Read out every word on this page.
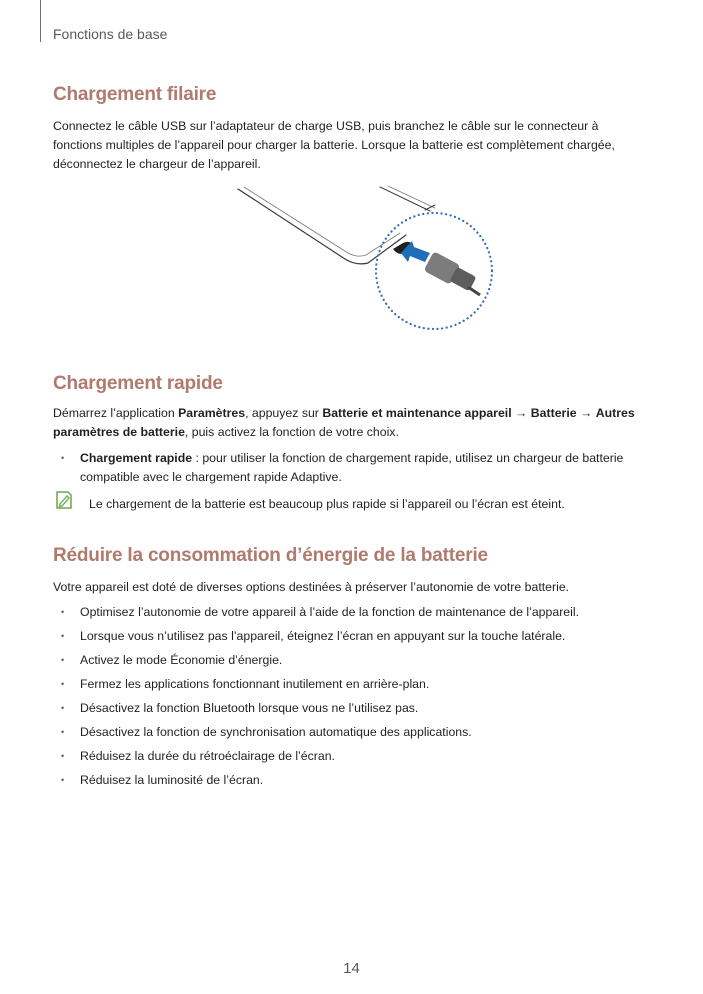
Fonctions de base
Chargement filaire

Connectez le câble USB sur l’adaptateur de charge USB, puis branchez le câble sur le connecteur à fonctions multiples de l’appareil pour charger la batterie. Lorsque la batterie est complètement chargée, déconnectez le chargeur de l’appareil.

Chargement rapide

Démarrez l’application Paramètres, appuyez sur Batterie et maintenance appareil → Batterie → Autres paramètres de batterie, puis activez la fonction de votre choix.

• Chargement rapide : pour utiliser la fonction de chargement rapide, utilisez un chargeur de batterie compatible avec le chargement rapide Adaptive.

Le chargement de la batterie est beaucoup plus rapide si l’appareil ou l’écran est éteint.

Réduire la consommation d’énergie de la batterie

Votre appareil est doté de diverses options destinées à préserver l’autonomie de votre batterie.

• Optimisez l’autonomie de votre appareil à l’aide de la fonction de maintenance de l’appareil.
• Lorsque vous n’utilisez pas l’appareil, éteignez l’écran en appuyant sur la touche latérale.
• Activez le mode Économie d’énergie.
• Fermez les applications fonctionnant inutilement en arrière-plan.
• Désactivez la fonction Bluetooth lorsque vous ne l’utilisez pas.
• Désactivez la fonction de synchronisation automatique des applications.
• Réduisez la durée du rétroéclairage de l’écran.
• Réduisez la luminosité de l’écran.
14
